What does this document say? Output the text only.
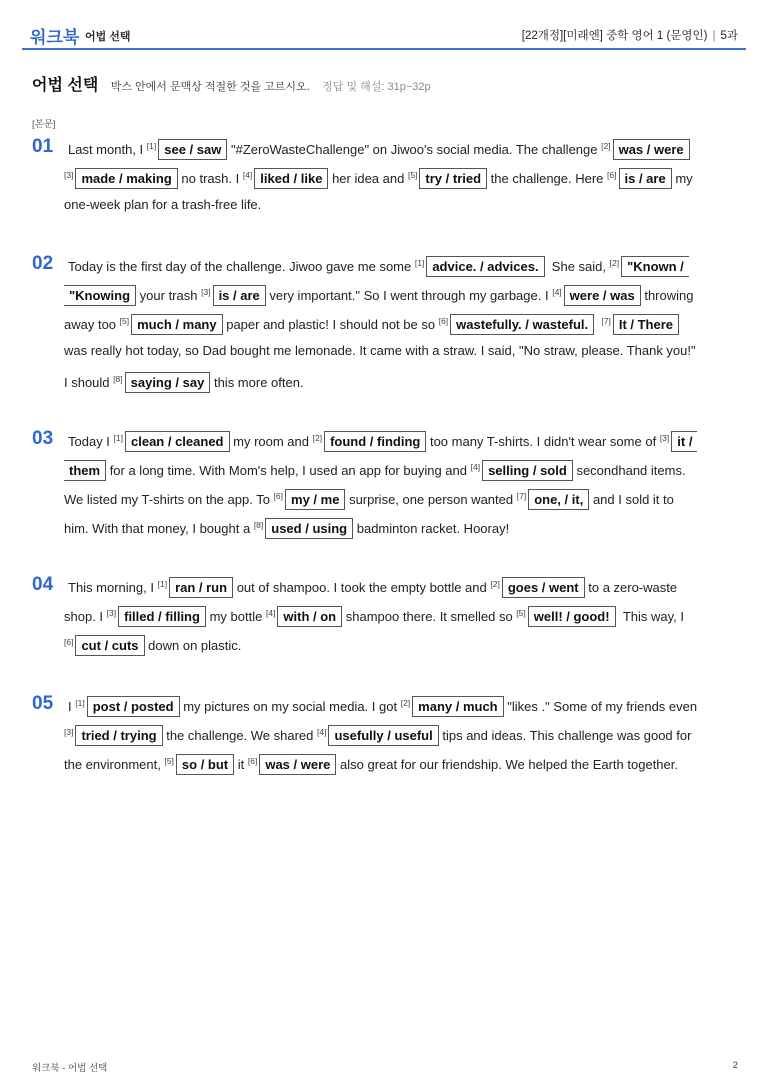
워크북 어법 선택	[22개정][미래엔] 중학 영어 1 (문영인) | 5과
어법 선택 박스 안에서 문맥상 적절한 것을 고르시오. 정답 및 해설: 31p~32p
[본문]
01 Last month, I [1] see / saw "#ZeroWasteChallenge" on Jiwoo's social media. The challenge [2] was / were
[3] made / making no trash. I [4] liked / like her idea and [5] try / tried the challenge. Here [6] is / are my
one-week plan for a trash-free life.
02 Today is the first day of the challenge. Jiwoo gave me some [1] advice. / advices. She said, [2] "Known /
"Knowing your trash [3] is / are very important." So I went through my garbage. I [4] were / was throwing
away too [5] much / many paper and plastic! I should not be so [6] wastefully. / wasteful. [7] It / There
was really hot today, so Dad bought me lemonade. It came with a straw. I said, "No straw, please. Thank you!"
I should [8] saying / say this more often.
03 Today I [1] clean / cleaned my room and [2] found / finding too many T-shirts. I didn't wear some of [3] it /
them for a long time. With Mom's help, I used an app for buying and [4] selling / sold secondhand items.
We listed my T-shirts on the app. To [6] my / me surprise, one person wanted [7] one, / it, and I sold it to
him. With that money, I bought a [8] used / using badminton racket. Hooray!
04 This morning, I [1] ran / run out of shampoo. I took the empty bottle and [2] goes / went to a zero-waste
shop. I [3] filled / filling my bottle [4] with / on shampoo there. It smelled so [5] well! / good! This way, I
[6] cut / cuts down on plastic.
05 I [1] post / posted my pictures on my social media. I got [2] many / much "likes ." Some of my friends even
[3] tried / trying the challenge. We shared [4] usefully / useful tips and ideas. This challenge was good for
the environment, [5] so / but it [6] was / were also great for our friendship. We helped the Earth together.
워크북 - 어법 선택	2
